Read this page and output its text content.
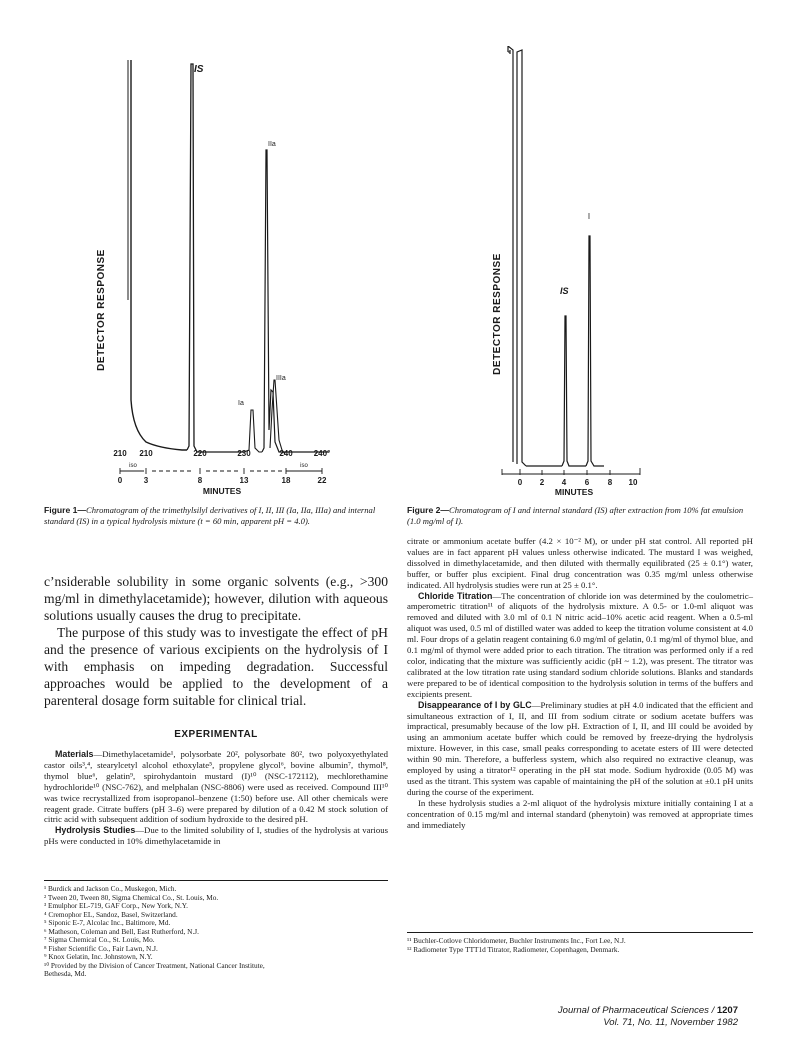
DETECTOR RESPONSE
IS
Ia
IIa
IIIa
210 210	220	230	240	240°
iso	iso
0	3	8	13	18	22
MINUTES
Figure 1—Chromatogram of the trimethylsilyl derivatives of I, II, III (Ia, IIa, IIIa) and internal standard (IS) in a typical hydrolysis mixture (t = 60 min, apparent pH = 4.0).
DETECTOR RESPONSE	IS
I
0 2 4 6 8 10
MINUTES
Figure 2—Chromatogram of I and internal standard (IS) after extraction from 10% fat emulsion (1.0 mg/ml of I).

c’nsiderable solubility in some organic solvents (e.g., >300 mg/ml in dimethylacetamide); however, dilution with aqueous solutions usually causes the drug to precipitate.

The purpose of this study was to investigate the effect of pH and the presence of various excipients on the hydrolysis of I with emphasis on impeding degradation. Successful approaches would be applied to the development of a parenteral dosage form suitable for clinical trial.

EXPERIMENTAL

Materials—Dimethylacetamide¹, polysorbate 20², polysorbate 80², two polyoxyethylated castor oils³,⁴, stearylcetyl alcohol ethoxylate⁵, propylene glycol⁶, bovine albumin⁷, thymol⁸, thymol blue⁶, gelatin⁹, spirohydantoin mustard (I)¹⁰ (NSC-172112), mechlorethamine hydrochloride¹⁰ (NSC-762), and melphalan (NSC-8806) were used as received. Compound III¹⁰ was twice recrystallized from isopropanol–benzene (1:50) before use. All other chemicals were reagent grade. Citrate buffers (pH 3–6) were prepared by dilution of a 0.42 M stock solution of citric acid with subsequent addition of sodium hydroxide to the desired pH.

Hydrolysis Studies—Due to the limited solubility of I, studies of the hydrolysis at various pHs were conducted in 10% dimethylacetamide in

¹ Burdick and Jackson Co., Muskegon, Mich.
² Tween 20, Tween 80, Sigma Chemical Co., St. Louis, Mo.
³ Emulphor EL-719, GAF Corp., New York, N.Y.
⁴ Cremophor EL, Sandoz, Basel, Switzerland.
⁵ Siponic E-7, Alcolac Inc., Baltimore, Md.
⁶ Matheson, Coleman and Bell, East Rutherford, N.J.
⁷ Sigma Chemical Co., St. Louis, Mo.
⁸ Fisher Scientific Co., Fair Lawn, N.J.
⁹ Knox Gelatin, Inc. Johnstown, N.Y.
¹⁰ Provided by the Division of Cancer Treatment, National Cancer Institute,
Bethesda, Md.

citrate or ammonium acetate buffer (4.2 × 10⁻² M), or under pH stat control. All reported pH values are in fact apparent pH values unless otherwise indicated. The mustard I was weighed, dissolved in dimethylacetamide, and then diluted with thermally equilibrated (25 ± 0.1°) water, buffer, or buffer plus excipient. Final drug concentration was 0.35 mg/ml unless otherwise indicated. All hydrolysis studies were run at 25 ± 0.1°.

Chloride Titration—The concentration of chloride ion was determined by the coulometric–amperometric titration¹¹ of aliquots of the hydrolysis mixture. A 0.5- or 1.0-ml aliquot was removed and diluted with 3.0 ml of 0.1 N nitric acid–10% acetic acid reagent. When a 0.5-ml aliquot was used, 0.5 ml of distilled water was added to keep the titration volume consistent at 4.0 ml. Four drops of a gelatin reagent containing 6.0 mg/ml of gelatin, 0.1 mg/ml of thymol blue, and 0.1 mg/ml of thymol were added prior to each titration. The titration was performed only if a red color, indicating that the mixture was sufficiently acidic (pH ~ 1.2), was present. The titrator was calibrated at the low titration rate using standard sodium chloride solutions. Blanks and standards were prepared to be of identical composition to the hydrolysis solution in terms of the buffers and excipients present.

Disappearance of I by GLC—Preliminary studies at pH 4.0 indicated that the efficient and simultaneous extraction of I, II, and III from sodium citrate or sodium acetate buffers was impractical, presumably because of the low pH. Extraction of I, II, and III could be avoided by using an ammonium acetate buffer which could be removed by freeze-drying the hydrolysis mixture. However, in this case, small peaks corresponding to acetate esters of III were detected within 90 min. Therefore, a bufferless system, which also required no extractive cleanup, was employed by using a titrator¹² operating in the pH stat mode. Sodium hydroxide (0.05 M) was used as the titrant. This system was capable of maintaining the pH of the solution at ±0.1 pH units during the course of the experiment.

In these hydrolysis studies a 2-ml aliquot of the hydrolysis mixture initially containing I at a concentration of 0.15 mg/ml and internal standard (phenytoin) was removed at appropriate times and immediately

¹¹ Buchler-Cotlove Chloridometer, Buchler Instruments Inc., Fort Lee, N.J.
¹² Radiometer Type TTT1d Titrator, Radiometer, Copenhagen, Denmark.
Journal of Pharmaceutical Sciences / 1207
Vol. 71, No. 11, November 1982
